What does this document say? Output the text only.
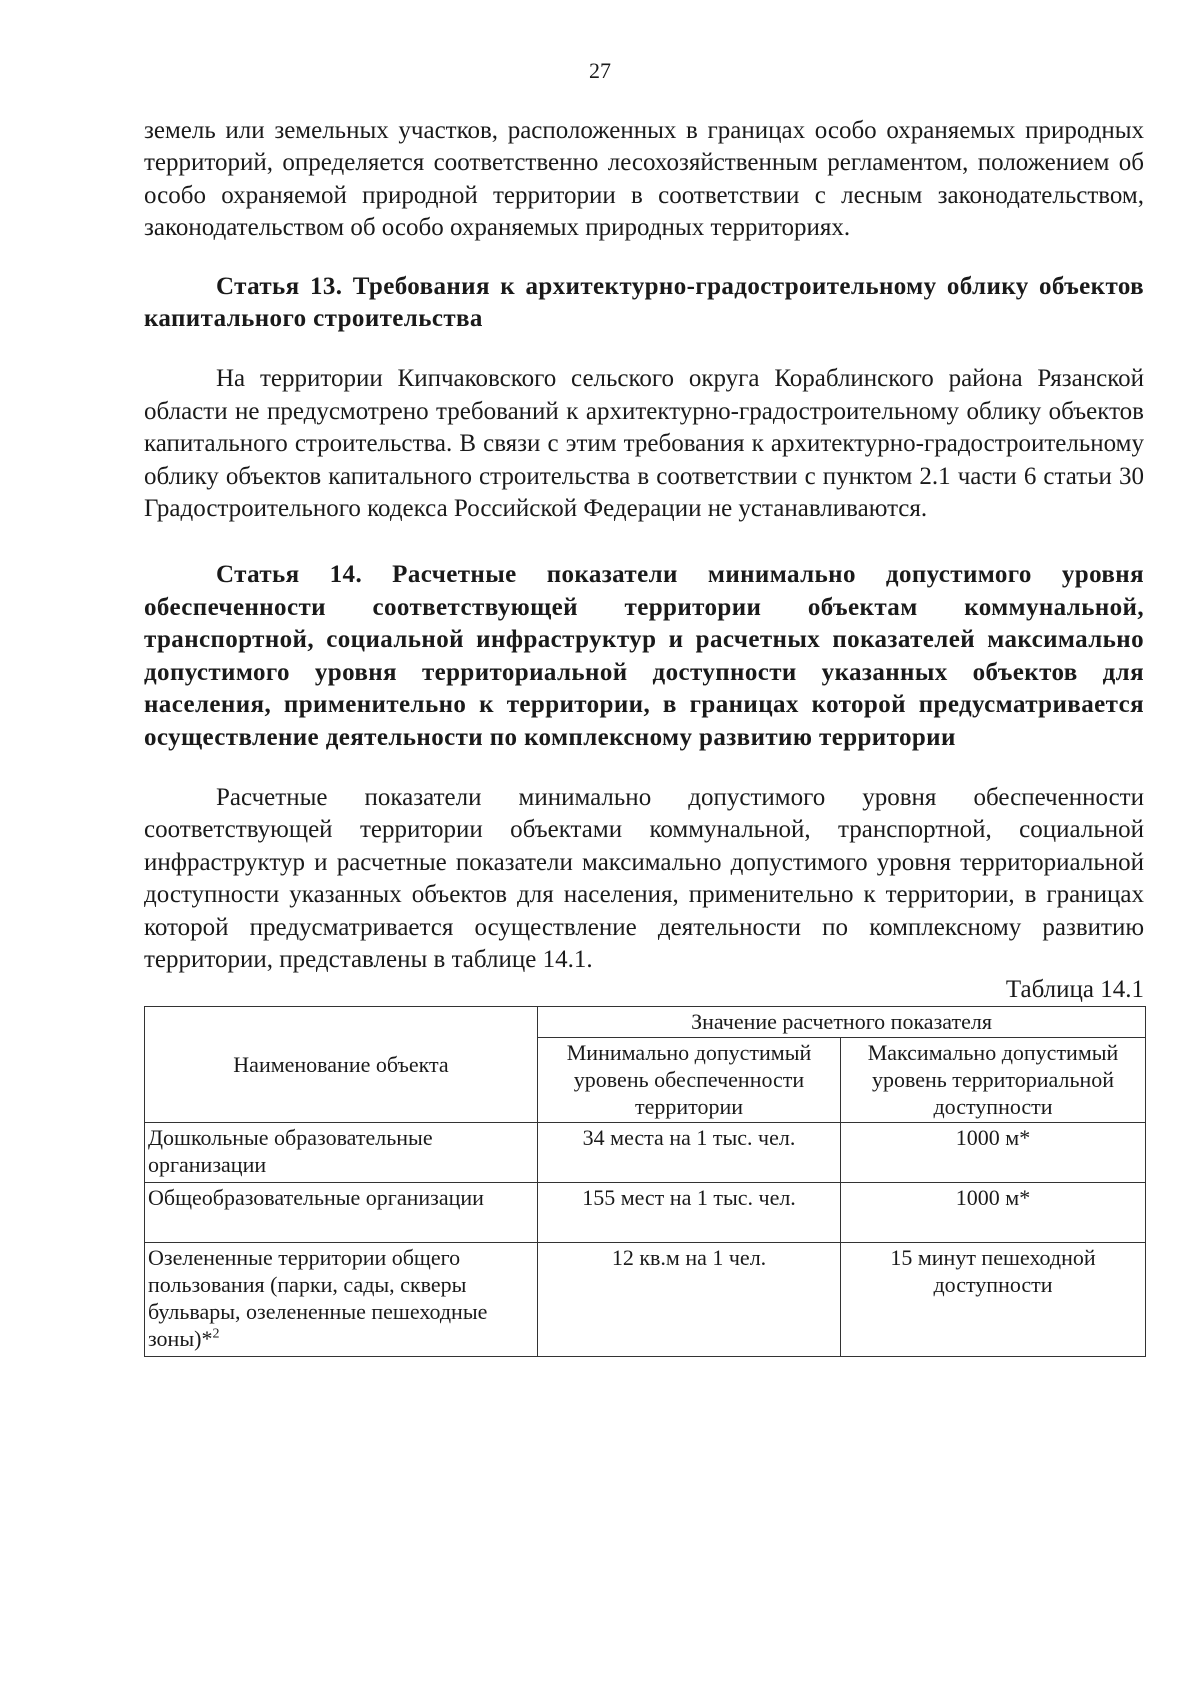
27

земель или земельных участков, расположенных в границах особо охраняемых природных территорий, определяется соответственно лесохозяйственным регламентом, положением об особо охраняемой природной территории в соответствии с лесным законодательством, законодательством об особо охраняемых природных территориях.

Статья 13. Требования к архитектурно-градостроительному облику объектов капитального строительства

На территории Кипчаковского сельского округа Кораблинского района Рязанской области не предусмотрено требований к архитектурно-градостроительному облику объектов капитального строительства. В связи с этим требования к архитектурно-градостроительному облику объектов капитального строительства в соответствии с пунктом 2.1 части 6 статьи 30 Градостроительного кодекса Российской Федерации не устанавливаются.

Статья 14. Расчетные показатели минимально допустимого уровня обеспеченности соответствующей территории объектам коммунальной, транспортной, социальной инфраструктур и расчетных показателей максимально допустимого уровня территориальной доступности указанных объектов для населения, применительно к территории, в границах которой предусматривается осуществление деятельности по комплексному развитию территории

Расчетные показатели минимально допустимого уровня обеспеченности соответствующей территории объектами коммунальной, транспортной, социальной инфраструктур и расчетные показатели максимально допустимого уровня территориальной доступности указанных объектов для населения, применительно к территории, в границах которой предусматривается осуществление деятельности по комплексному развитию территории, представлены в таблице 14.1.

Таблица 14.1

Наименование объекта	Значение расчетного показателя	
	Минимально допустимый уровень обеспеченности территории	Максимально допустимый уровень территориальной доступности
Дошкольные образовательные организации	34 места на 1 тыс. чел.	1000 м*
Общеобразовательные организации	155 мест на 1 тыс. чел.	1000 м*
Озелененные территории общего пользования (парки, сады, скверы бульвары, озелененные пешеходные зоны)*$^2$	12 кв.м на 1 чел.	15 минут пешеходной доступности
